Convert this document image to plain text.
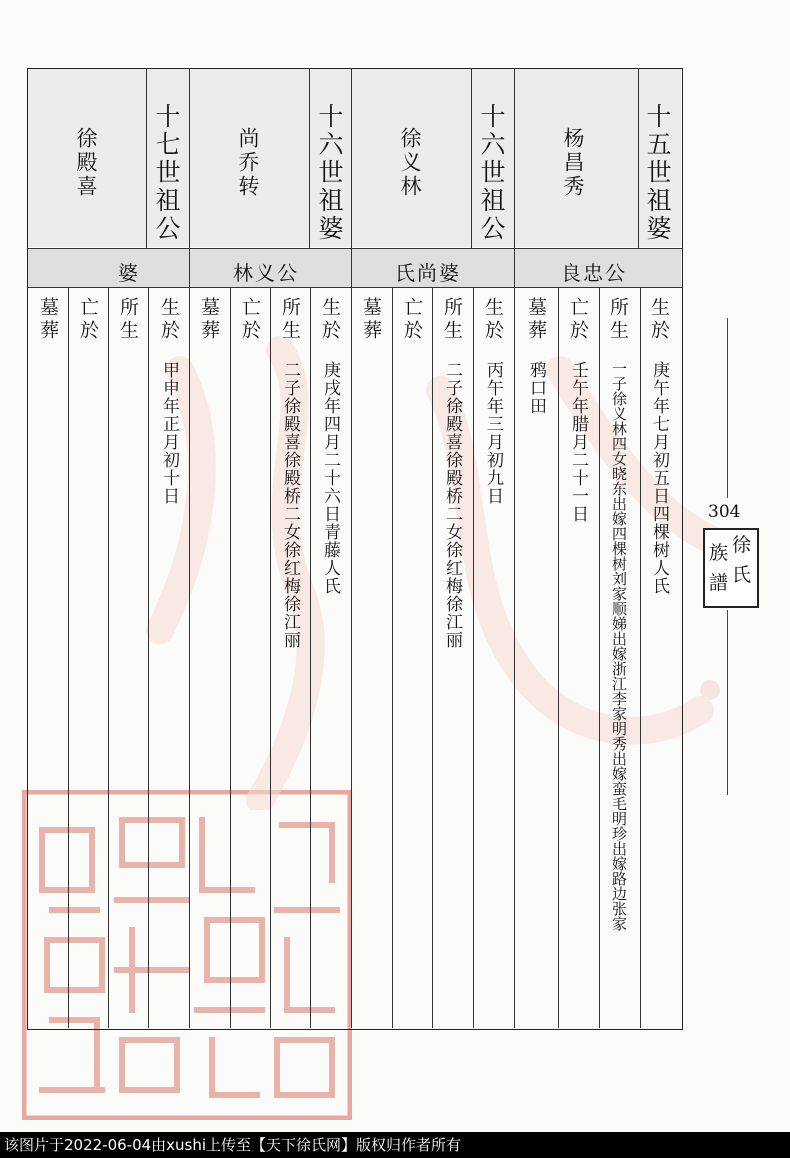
十五世祖婆
杨昌秀
良忠公
生於
庚午年七月初五日四棵树人氏
所生
一子徐义林四女晓东出嫁四棵树刘家顺娣出嫁浙江李家明秀出嫁蛮毛明珍出嫁路边张家
亡於
壬午年腊月二十一日
墓葬
鸦口田
十六世祖公
徐义林
氏尚婆
生於
丙午年三月初九日
所生
二子徐殿喜徐殿桥二女徐红梅徐江丽
亡於
墓葬
十六世祖婆
尚乔转
林义公
生於
庚戌年四月二十六日青藤人氏
所生
二子徐殿喜徐殿桥二女徐红梅徐江丽
亡於
墓葬
十七世祖公
徐殿喜
婆
生於
甲申年正月初十日
所生
亡於
墓葬
304
徐
氏
族
譜
该图片于2022-06-04由xushi上传至【天下徐氏网】版权归作者所有
